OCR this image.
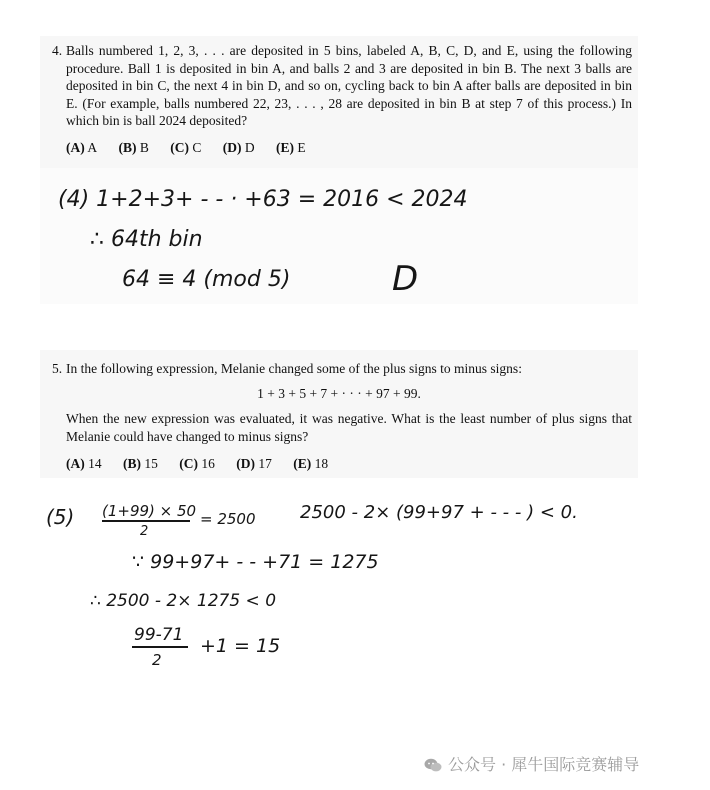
4. Balls numbered 1, 2, 3, . . . are deposited in 5 bins, labeled A, B, C, D, and E, using the following procedure. Ball 1 is deposited in bin A, and balls 2 and 3 are deposited in bin B. The next 3 balls are deposited in bin C, the next 4 in bin D, and so on, cycling back to bin A after balls are deposited in bin E. (For example, balls numbered 22, 23, . . . , 28 are deposited in bin B at step 7 of this process.) In which bin is ball 2024 deposited?
(A) A (B) B (C) C (D) D (E) E
(4) 1+2+3+ - - · +63 = 2016 < 2024
∴ 64th bin
64 ≡ 4 (mod 5)	D
5. In the following expression, Melanie changed some of the plus signs to minus signs:
1 + 3 + 5 + 7 + · · · + 97 + 99.
When the new expression was evaluated, it was negative. What is the least number of plus signs that Melanie could have changed to minus signs?
(A) 14 (B) 15 (C) 16 (D) 17 (E) 18
(5) (1+99) × 50
2
= 2500 2500 - 2× (99+97 + - - - ) < 0.
∵ 99+97+ - - +71 = 1275
∴ 2500 - 2× 1275 < 0
99-71
2
+1 = 15
公众号 · 犀牛国际竞赛辅导
